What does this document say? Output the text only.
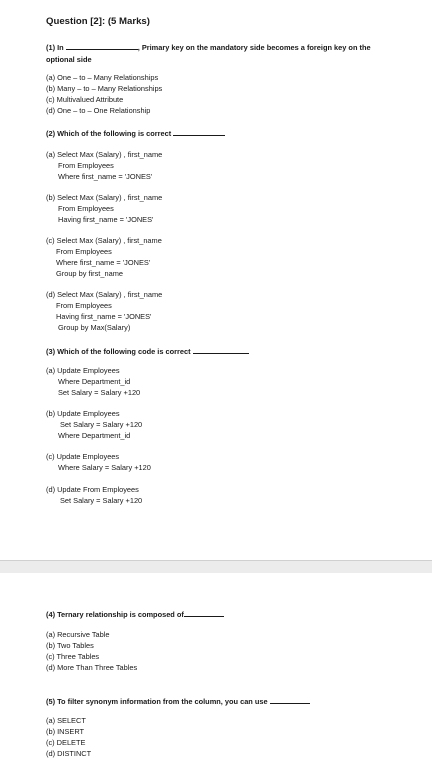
Question [2]: (5 Marks)
(1) In	, Primary key on the mandatory side becomes a foreign key on the
optional side
(a) One – to – Many Relationships
(b) Many – to – Many Relationships
(c) Multivalued Attribute
(d) One – to – One Relationship
(2) Which of the following is correct
(a) Select Max (Salary) , first_name
From Employees
Where first_name = 'JONES'
(b) Select Max (Salary) , first_name
From Employees
Having first_name = 'JONES'
(c) Select Max (Salary) , first_name
From Employees
Where first_name = 'JONES'
Group by first_name
(d) Select Max (Salary) , first_name
From Employees
Having first_name = 'JONES'
Group by Max(Salary)
(3) Which of the following code is correct
(a) Update Employees
Where Department_id
Set Salary = Salary +120
(b) Update Employees
Set Salary = Salary +120
Where Department_id
(c) Update Employees
Where Salary = Salary +120
(d) Update From Employees
Set Salary = Salary +120
(4) Ternary relationship is composed of
(a) Recursive Table
(b) Two Tables
(c) Three Tables
(d) More Than Three Tables
(5) To filter synonym information from the column, you can use
(a) SELECT
(b) INSERT
(c) DELETE
(d) DISTINCT
